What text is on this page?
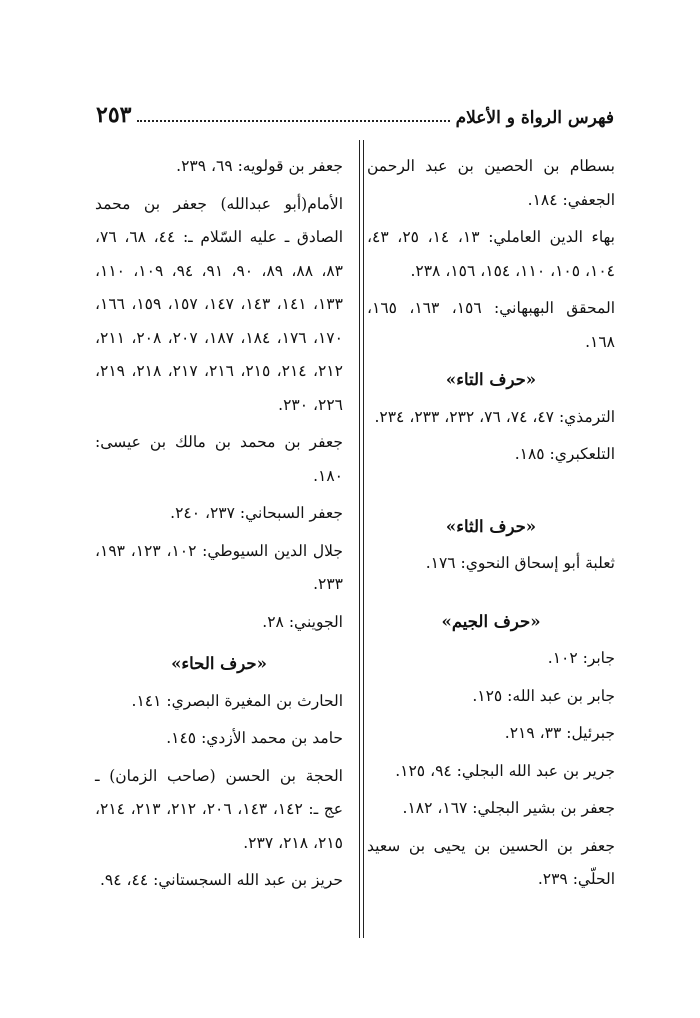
فهرس الرواة و الأعلام
٢٥٣
بسطام بن الحصين بن عبد الرحمن الجعفي: ١٨٤.
بهاء الدين العاملي: ١٣، ١٤، ٢٥، ٤٣، ١٠٤، ١٠٥، ١١٠، ١٥٤، ١٥٦، ٢٣٨.
المحقق البهبهاني: ١٥٦، ١٦٣، ١٦٥، ١٦٨.
«حرف التاء»
الترمذي: ٤٧، ٧٤، ٧٦، ٢٣٢، ٢٣٣، ٢٣٤.
التلعكبري: ١٨٥.
«حرف الثاء»
ثعلبة أبو إسحاق النحوي: ١٧٦.
«حرف الجيم»
جابر: ١٠٢.
جابر بن عبد الله: ١٢٥.
جبرئيل: ٣٣، ٢١٩.
جرير بن عبد الله البجلي: ٩٤، ١٢٥.
جعفر بن بشير البجلي: ١٦٧، ١٨٢.
جعفر بن الحسين بن يحيى بن سعيد الحلّي: ٢٣٩.
جعفر بن قولويه: ٦٩، ٢٣٩.
الأمام(أبو عبدالله) جعفر بن محمد الصادق ـ عليه السّلام ـ: ٤٤، ٦٨، ٧٦، ٨٣، ٨٨، ٨٩، ٩٠، ٩١، ٩٤، ١٠٩، ١١٠، ١٣٣، ١٤١، ١٤٣، ١٤٧، ١٥٧، ١٥٩، ١٦٦، ١٧٠، ١٧٦، ١٨٤، ١٨٧، ٢٠٧، ٢٠٨، ٢١١، ٢١٢، ٢١٤، ٢١٥، ٢١٦، ٢١٧، ٢١٨، ٢١٩، ٢٢٦، ٢٣٠.
جعفر بن محمد بن مالك بن عيسى: ١٨٠.
جعفر السبحاني: ٢٣٧، ٢٤٠.
جلال الدين السيوطي: ١٠٢، ١٢٣، ١٩٣، ٢٣٣.
الجويني: ٢٨.
«حرف الحاء»
الحارث بن المغيرة البصري: ١٤١.
حامد بن محمد الأزدي: ١٤٥.
الحجة بن الحسن (صاحب الزمان) ـ عج ـ: ١٤٢، ١٤٣، ٢٠٦، ٢١٢، ٢١٣، ٢١٤، ٢١٥، ٢١٨، ٢٣٧.
حريز بن عبد الله السجستاني: ٤٤، ٩٤.
